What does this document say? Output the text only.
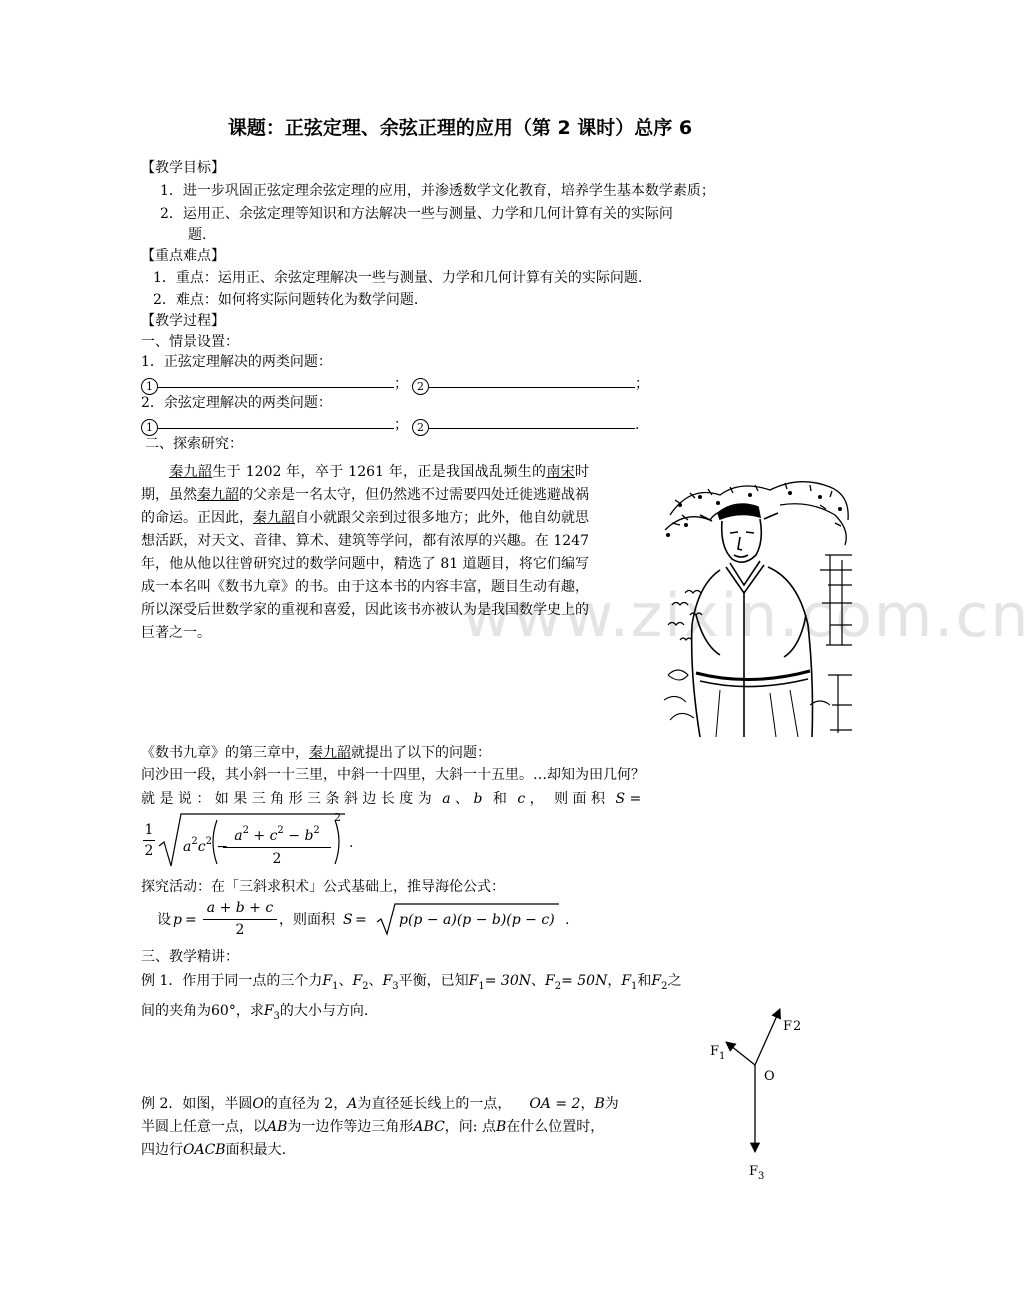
课题：正弦定理、余弦正理的应用（第 2 课时）总序 6
【教学目标】
1．进一步巩固正弦定理余弦定理的应用，并渗透数学文化教育，培养学生基本数学素质；
2．运用正、余弦定理等知识和方法解决一些与测量、力学和几何计算有关的实际问
题.
【重点难点】
1．重点：运用正、余弦定理解决一些与测量、力学和几何计算有关的实际问题.
2．难点：如何将实际问题转化为数学问题.
【教学过程】
一、情景设置：
1．正弦定理解决的两类问题：
1	； 2	；
2．余弦定理解决的两类问题：
1	； 2	.
二、探索研究：
www.zixin.com.cn
秦九韶生于 1202 年，卒于 1261 年，正是我国战乱频生的南宋时期，虽然秦九韶的父亲是一名太守，但仍然逃不过需要四处迁徙逃避战祸的命运。正因此，秦九韶自小就跟父亲到过很多地方；此外，他自幼就思想活跃，对天文、音律、算术、建筑等学问，都有浓厚的兴趣。在 1247 年，他从他以往曾研究过的数学问题中，精选了 81 道题目，将它们编写成一本名叫《数书九章》的书。由于这本书的内容丰富，题目生动有趣，所以深受后世数学家的重视和喜爱，因此该书亦被认为是我国数学史上的巨著之一。
《数书九章》的第三章中，秦九韶就提出了以下的问题：
问沙田一段，其小斜一十三里，中斜一十四里，大斜一十五里。…却知为田几何？
就 是 说 ： 如 果 三 角 形 三 条 斜 边 长 度 为 a 、 b 和 c ， 则 面 积 S =
1
2 $a^2c^2$ −
$a^2 + c^2 - b^2$
2
2
.
探究活动：在「三斜求积术」公式基础上，推导海伦公式：
设 p =
a + b + c
2
，则面积 S = p(p − a)(p − b)(p − c) .
三、教学精讲：
例 1．作用于同一点的三个力$F_1$、$F_2$、$F_3$平衡，已知$F_1= 30N$、$F_2= 50N$，$F_1$和$F_2$之
间的夹角为60°，求$F_3$的大小与方向.
2
F
$F_1$
O
$F_3$
例 2．如图，半圆O的直径为 2，A为直径延长线上的一点， OA = 2，B为
半圆上任意一点，以AB为一边作等边三角形ABC，问: 点B在什么位置时，
四边行OACB面积最大.
